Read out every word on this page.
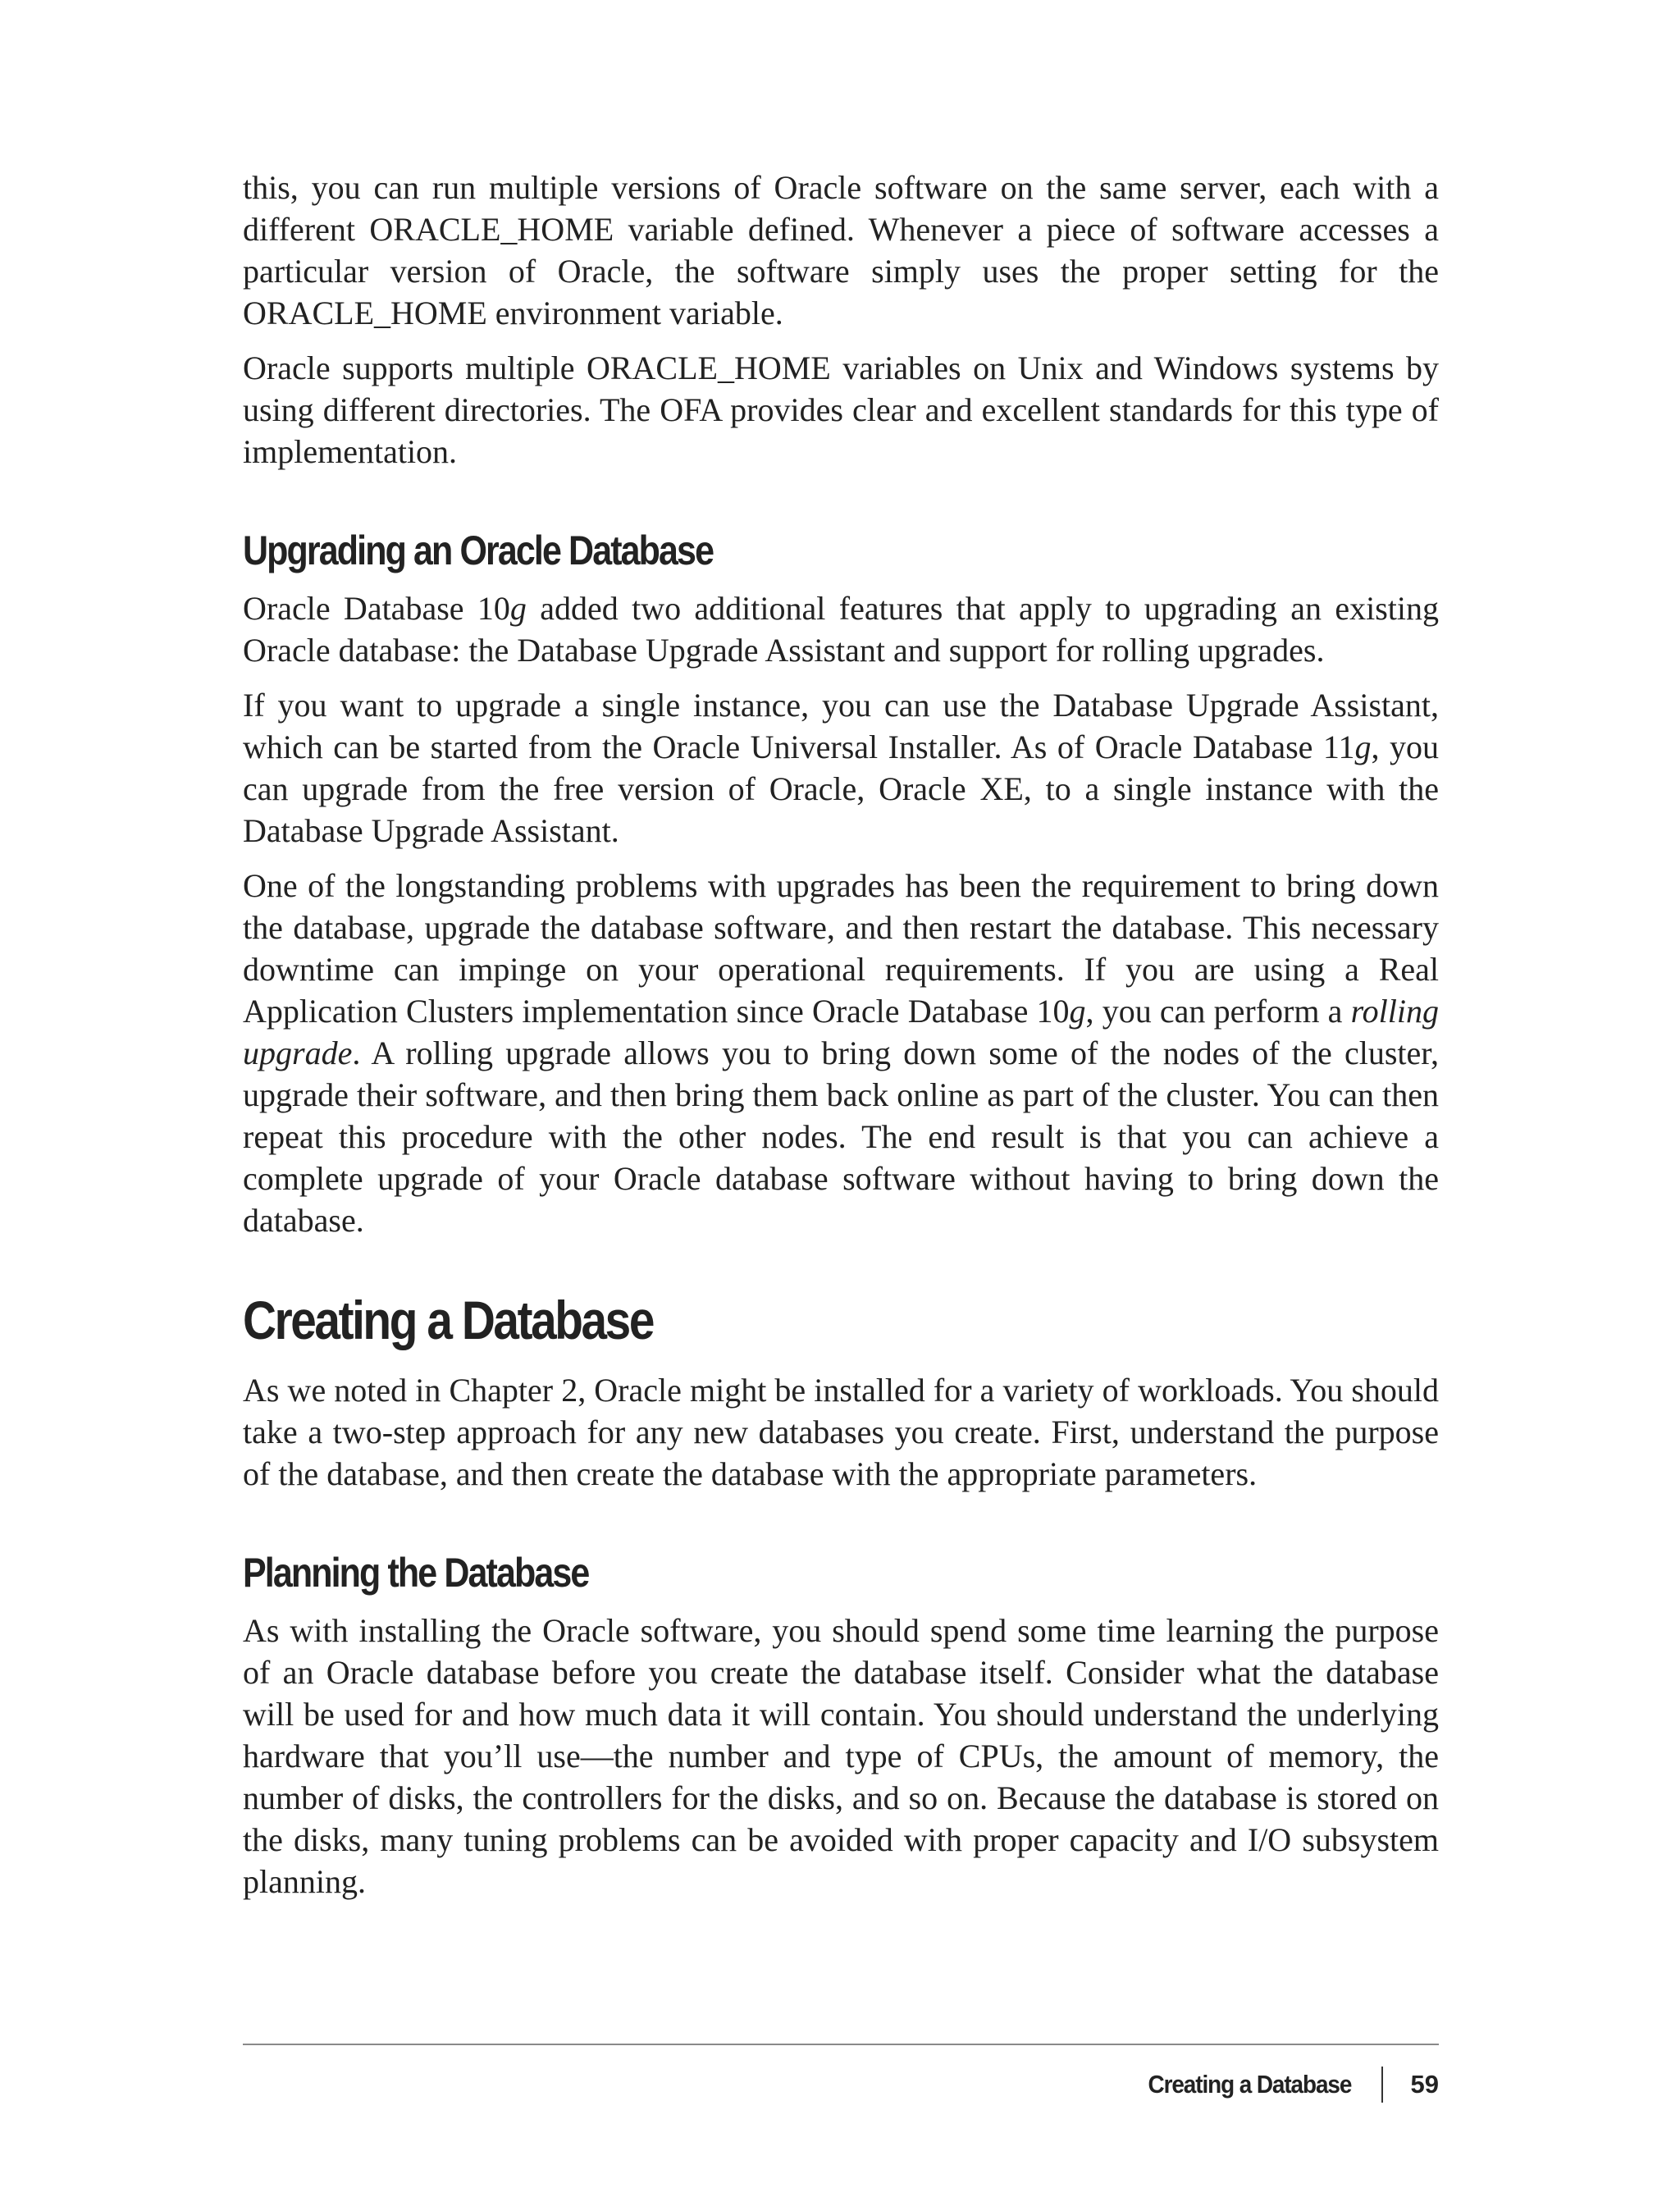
this, you can run multiple versions of Oracle software on the same server, each with a different ORACLE_HOME variable defined. Whenever a piece of software accesses a particular version of Oracle, the software simply uses the proper setting for the ORACLE_HOME environment variable.

Oracle supports multiple ORACLE_HOME variables on Unix and Windows systems by using different directories. The OFA provides clear and excellent standards for this type of implementation.

Upgrading an Oracle Database

Oracle Database 10g added two additional features that apply to upgrading an existing Oracle database: the Database Upgrade Assistant and support for rolling upgrades.

If you want to upgrade a single instance, you can use the Database Upgrade Assistant, which can be started from the Oracle Universal Installer. As of Oracle Database 11g, you can upgrade from the free version of Oracle, Oracle XE, to a single instance with the Database Upgrade Assistant.

One of the longstanding problems with upgrades has been the requirement to bring down the database, upgrade the database software, and then restart the database. This necessary downtime can impinge on your operational requirements. If you are using a Real Application Clusters implementation since Oracle Database 10g, you can perform a rolling upgrade. A rolling upgrade allows you to bring down some of the nodes of the cluster, upgrade their software, and then bring them back online as part of the cluster. You can then repeat this procedure with the other nodes. The end result is that you can achieve a complete upgrade of your Oracle database software without having to bring down the database.

Creating a Database

As we noted in Chapter 2, Oracle might be installed for a variety of workloads. You should take a two-step approach for any new databases you create. First, understand the purpose of the database, and then create the database with the appropriate parameters.

Planning the Database

As with installing the Oracle software, you should spend some time learning the purpose of an Oracle database before you create the database itself. Consider what the database will be used for and how much data it will contain. You should understand the underlying hardware that you’ll use—the number and type of CPUs, the amount of memory, the number of disks, the controllers for the disks, and so on. Because the database is stored on the disks, many tuning problems can be avoided with proper capacity and I/O subsystem planning.

Creating a Database 59
